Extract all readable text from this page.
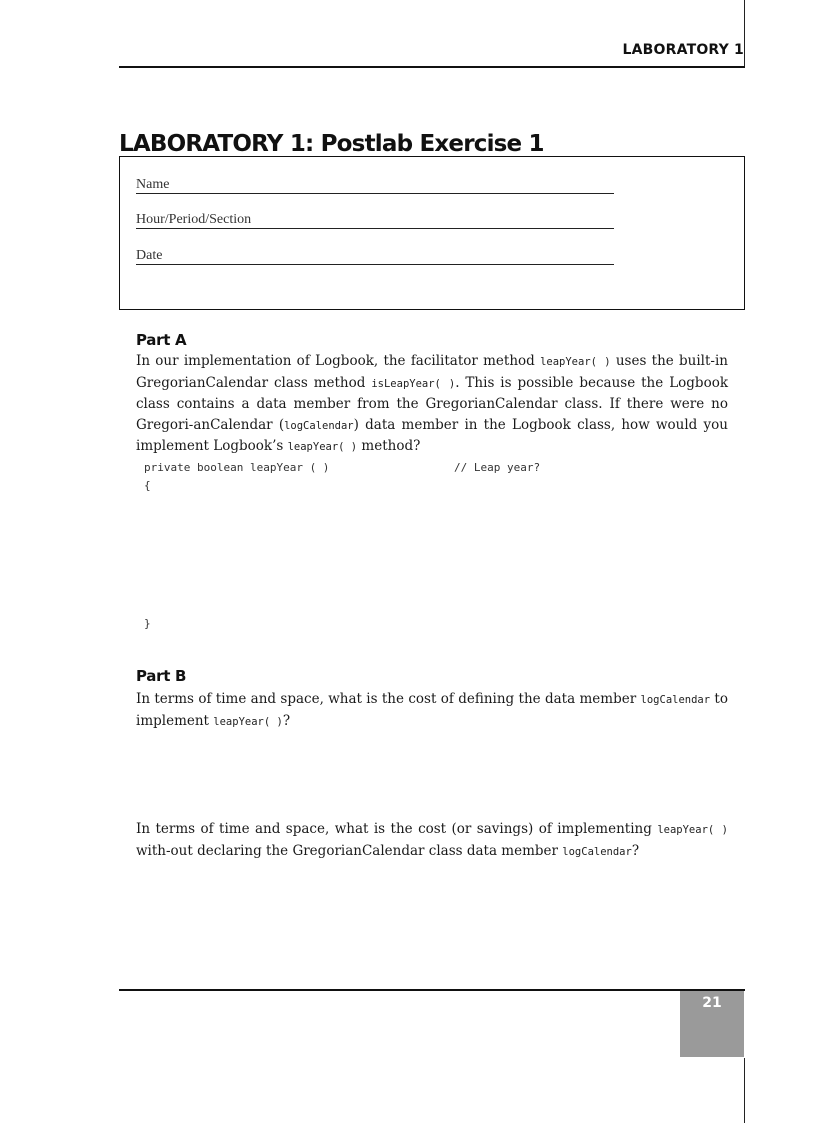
LABORATORY 1
LABORATORY 1: Postlab Exercise 1
Name
Hour/Period/Section
Date
Part A
In our implementation of Logbook, the facilitator method leapYear( ) uses the built-in GregorianCalendar class method isLeapYear( ). This is possible because the Logbook class contains a data member from the GregorianCalendar class. If there were no Gregori-anCalendar (logCalendar) data member in the Logbook class, how would you implement Logbook’s leapYear( ) method?
private boolean leapYear ( )	// Leap year?
{
}
Part B
In terms of time and space, what is the cost of defining the data member logCalendar to implement leapYear( )?
In terms of time and space, what is the cost (or savings) of implementing leapYear( ) with-out declaring the GregorianCalendar class data member logCalendar?
21
